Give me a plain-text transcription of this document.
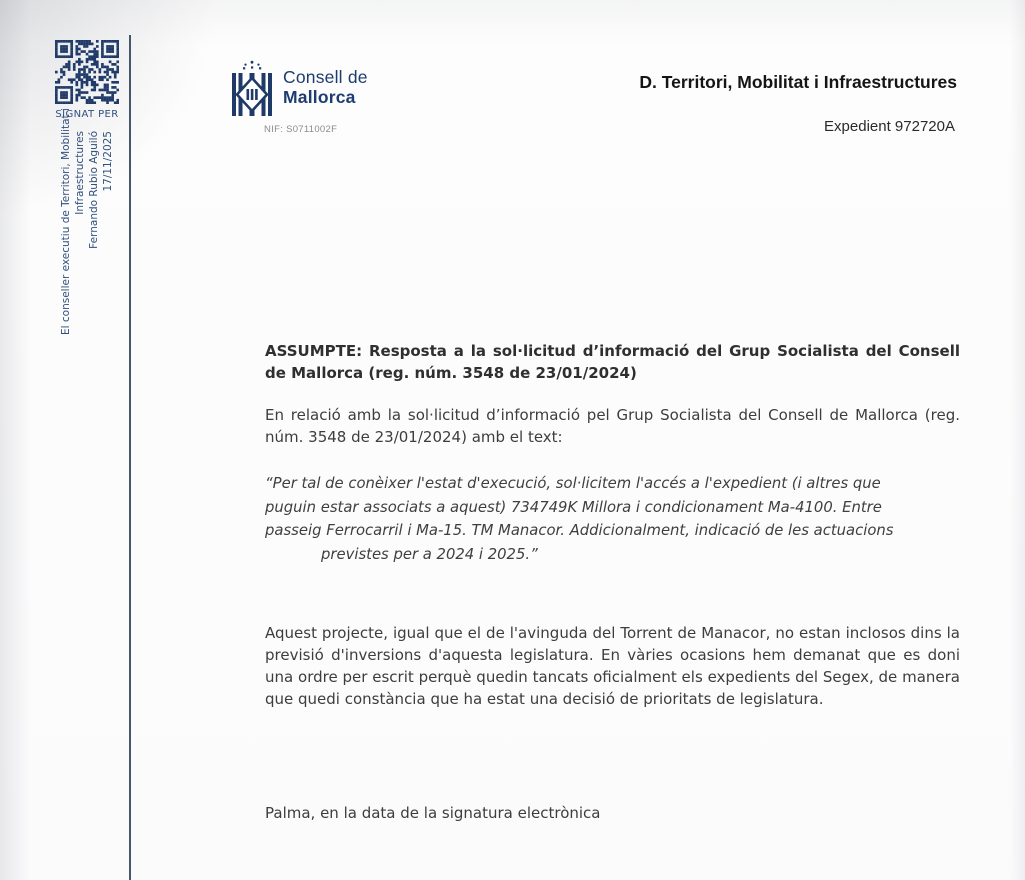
SIGNAT PER
El conseller executiu de Territori, Mobilitat i Infraestructures Fernando Rubio Aguiló 17/11/2025
Consell de
Mallorca
NIF: S0711002F
D. Territori, Mobilitat i Infraestructures
Expedient 972720A

ASSUMPTE: Resposta a la sol·licitud d’informació del Grup Socialista del Consell de Mallorca (reg. núm. 3548 de 23/01/2024)

En relació amb la sol·licitud d’informació pel Grup Socialista del Consell de Mallorca (reg. núm. 3548 de 23/01/2024) amb el text:

“Per tal de conèixer l'estat d'execució, sol·licitem l'accés a l'expedient (i altres que
puguin estar associats a aquest) 734749K Millora i condicionament Ma-4100. Entre
passeig Ferrocarril i Ma-15. TM Manacor. Addicionalment, indicació de les actuacions
previstes per a 2024 i 2025.”

Aquest projecte, igual que el de l'avinguda del Torrent de Manacor, no estan inclosos dins la previsió d'inversions d'aquesta legislatura. En vàries ocasions hem demanat que es doni una ordre per escrit perquè quedin tancats oficialment els expedients del Segex, de manera que quedi constància que ha estat una decisió de prioritats de legislatura.

Palma, en la data de la signatura electrònica
